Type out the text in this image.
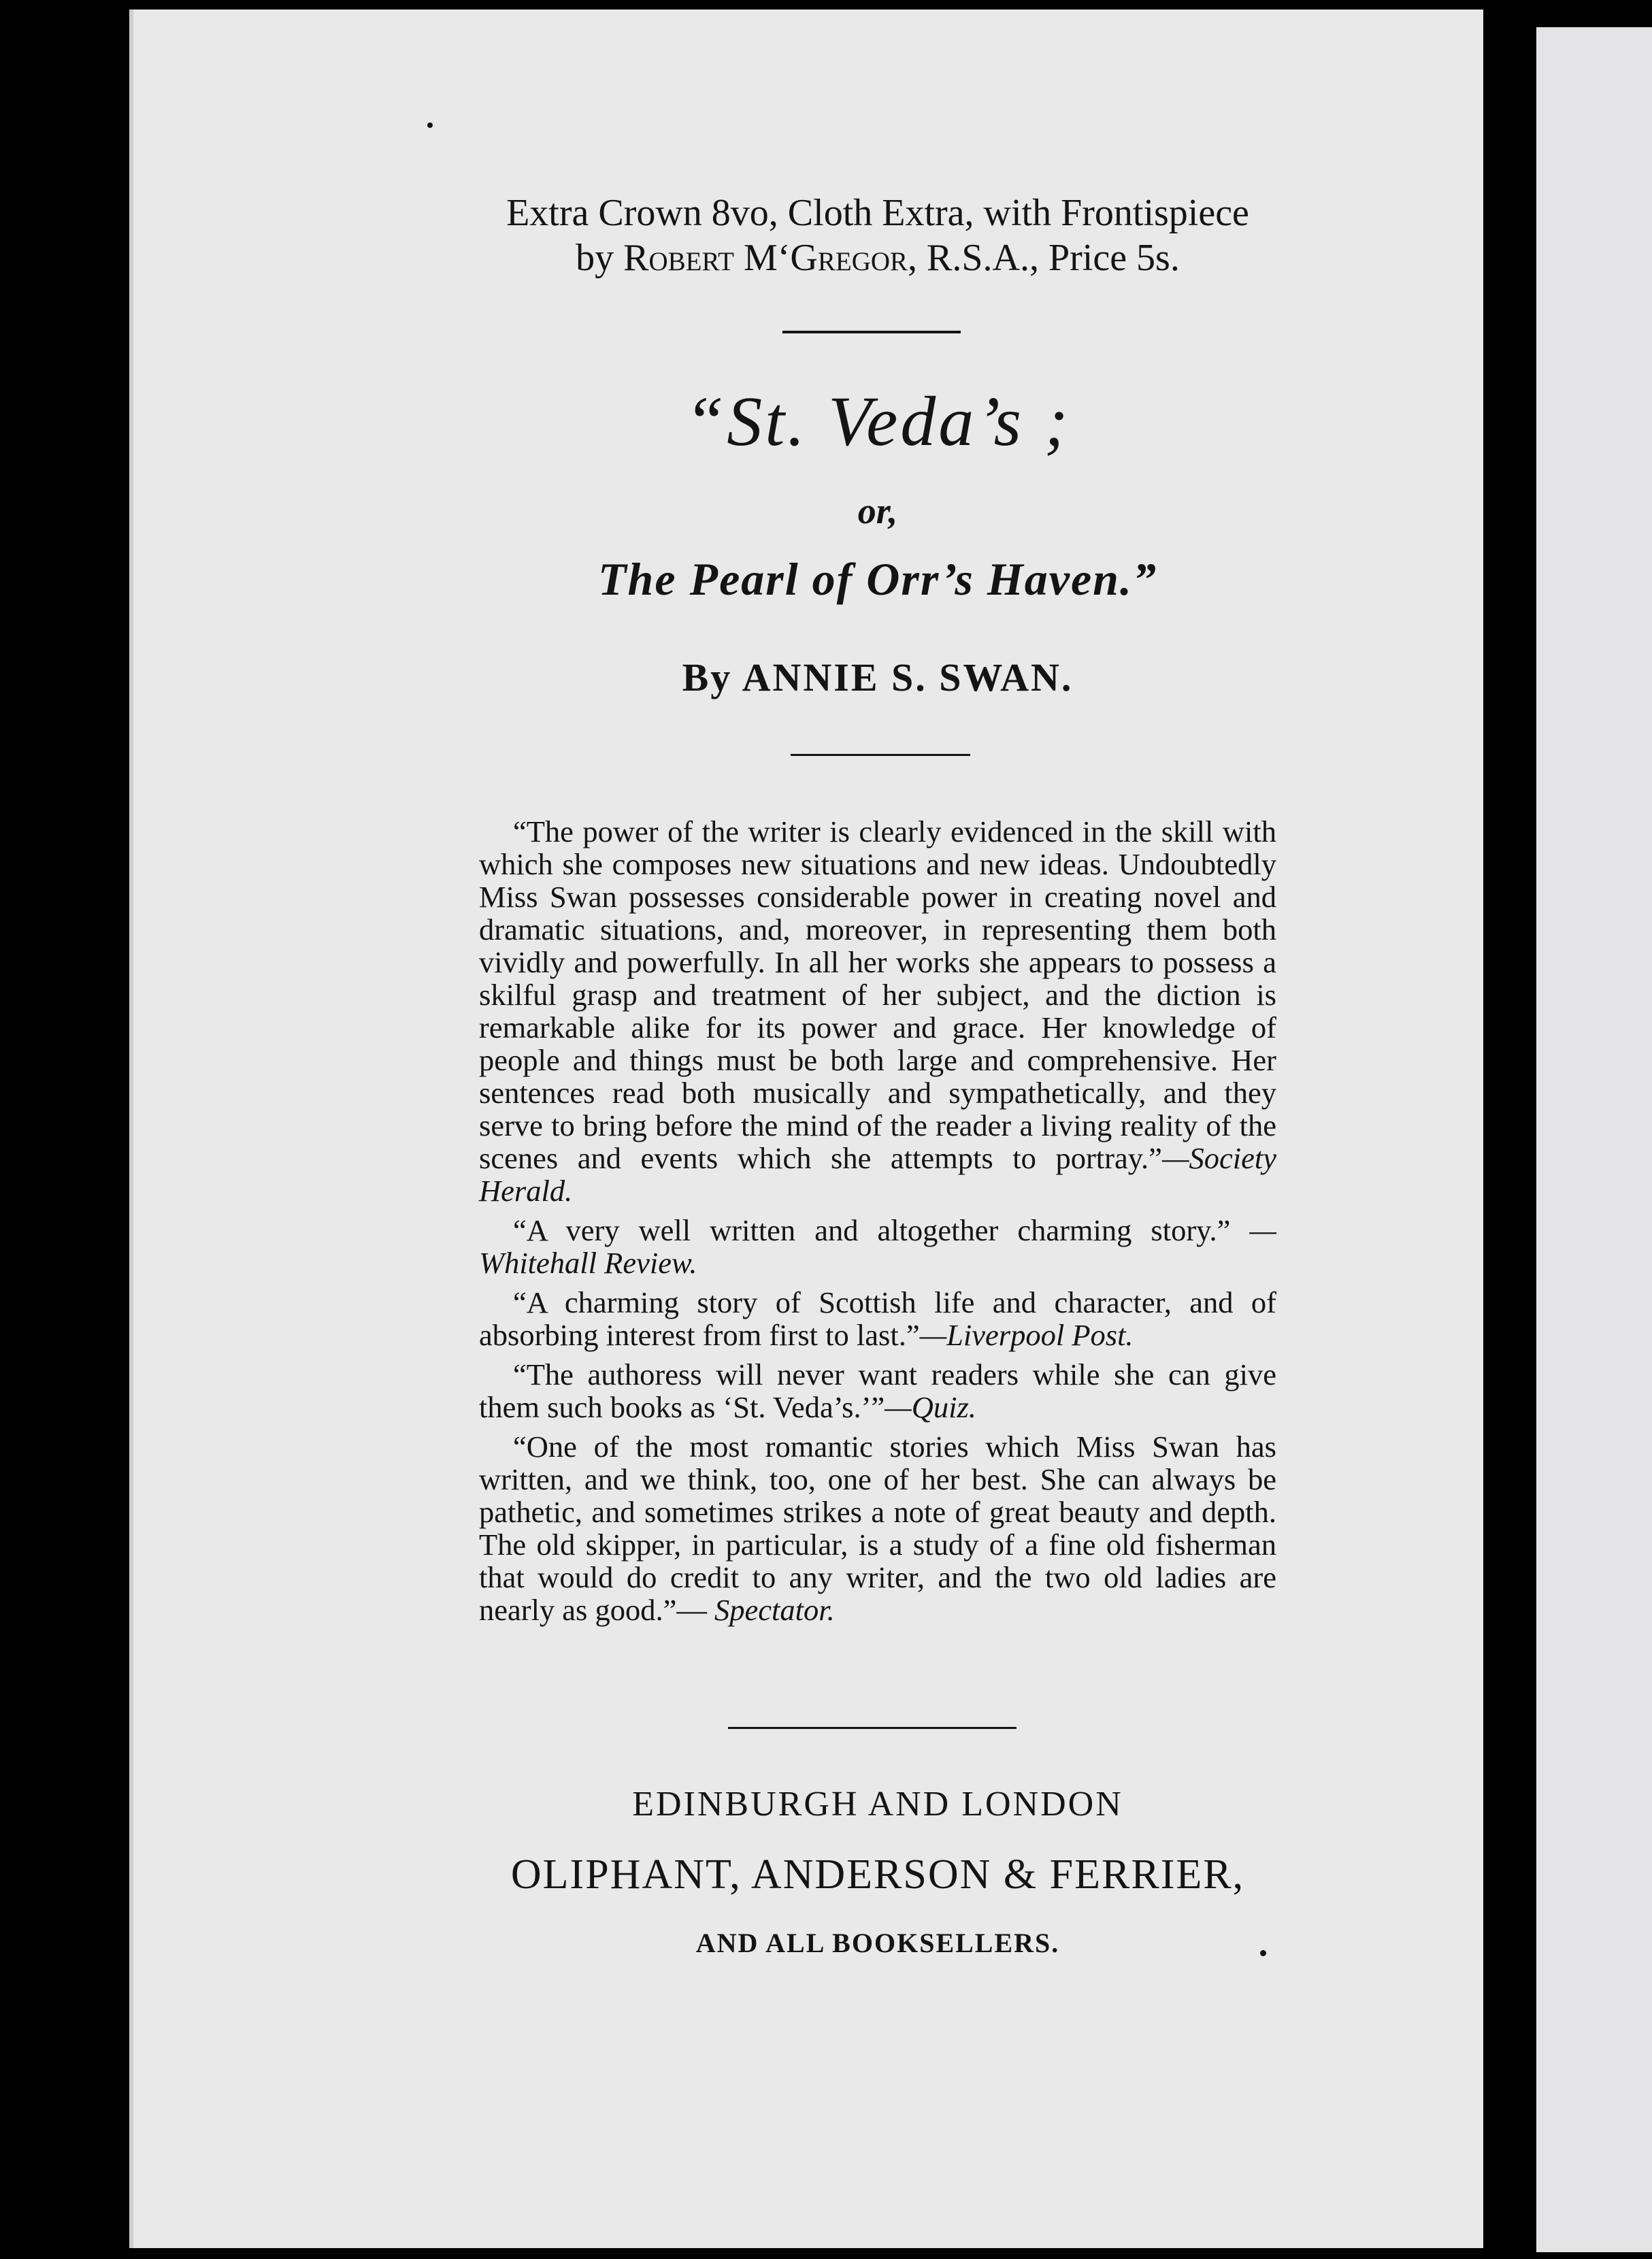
Extra Crown 8vo, Cloth Extra, with Frontispiece
by Robert M‘Gregor, R.S.A., Price 5s.
“St. Veda’s ;
or,
The Pearl of Orr’s Haven.”
By ANNIE S. SWAN.

“The power of the writer is clearly evidenced in the skill with which she composes new situations and new ideas. Undoubtedly Miss Swan possesses considerable power in creating novel and dramatic situations, and, moreover, in representing them both vividly and powerfully. In all her works she appears to possess a skilful grasp and treatment of her subject, and the diction is remarkable alike for its power and grace. Her knowledge of people and things must be both large and comprehensive. Her sentences read both musically and sympathetically, and they serve to bring before the mind of the reader a living reality of the scenes and events which she attempts to portray.”—Society Herald.

“A very well written and altogether charming story.” —Whitehall Review.

“A charming story of Scottish life and character, and of absorbing interest from first to last.”—Liverpool Post.

“The authoress will never want readers while she can give them such books as ‘St. Veda’s.’”—Quiz.

“One of the most romantic stories which Miss Swan has written, and we think, too, one of her best. She can always be pathetic, and sometimes strikes a note of great beauty and depth. The old skipper, in particular, is a study of a fine old fisherman that would do credit to any writer, and the two old ladies are nearly as good.”— Spectator.

EDINBURGH AND LONDON
OLIPHANT, ANDERSON & FERRIER,
AND ALL BOOKSELLERS.
